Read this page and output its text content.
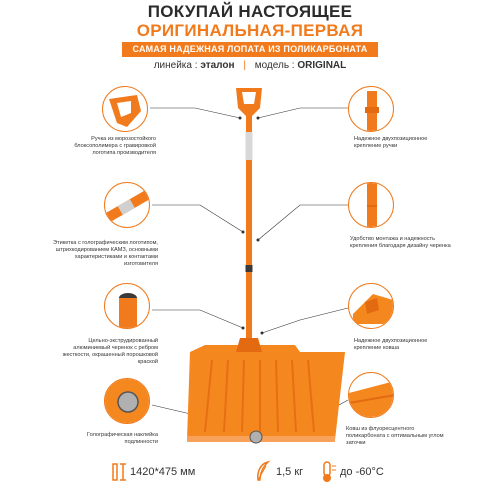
ПОКУПАЙ НАСТОЯЩЕЕ
ОРИГИНАЛЬНАЯ-ПЕРВАЯ
САМАЯ НАДЕЖНАЯ ЛОПАТА ИЗ ПОЛИКАРБОНАТА
линейка : эталон | модель : ORIGINAL
Ручка из морозостойкого блоксополимера с гравировкой логотипа производителя
Этикетка с голографическим логотипом, штрихкодированием КАМЗ, основными характеристиками и контактами изготовителя
Цельно-экструдированный алюминиевый черенок с ребром жесткости, окрашенный порошковой краской
Голографическая наклейка подлинности
Надежное двухпозиционное крепление ручки
Удобство монтажа и надежность крепления благодаря дизайну черенка
Надежное двухпозиционное крепление ковша
Ковш из флуоресцентного поликарбоната с оптимальным углом заточки
1420*475 мм	1,5 кг	до -60°С
